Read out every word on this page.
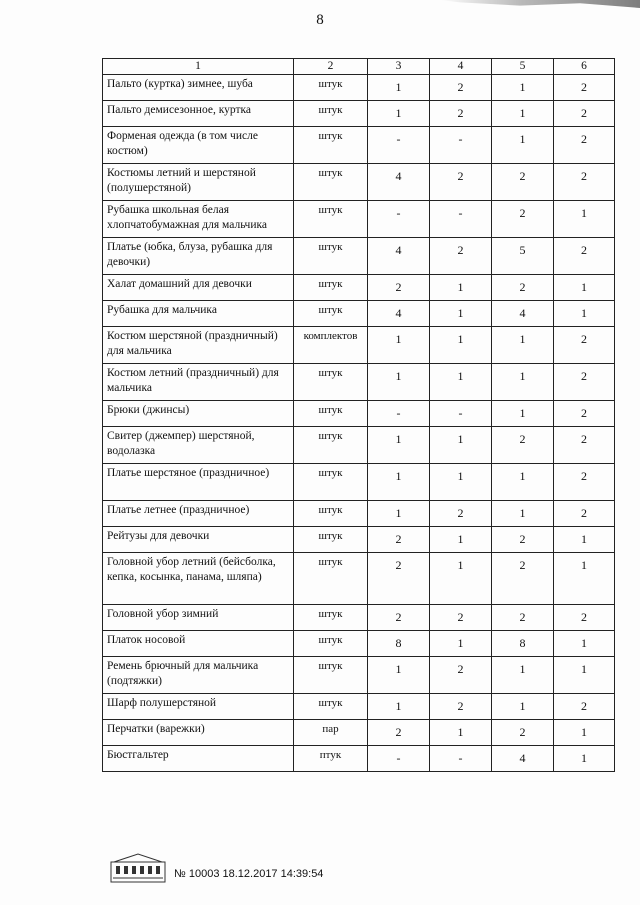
8
1	2	3	4	5	6
Пальто (куртка) зимнее, шуба	штук	1	2	1	2
Пальто демисезонное, куртка	штук	1	2	1	2
Форменая одежда (в том числе костюм)	штук	-	-	1	2
Костюмы летний и шерстяной (полушерстяной)	штук	4	2	2	2
Рубашка школьная белая хлопчатобумажная для мальчика	штук	-	-	2	1
Платье (юбка, блуза, рубашка для девочки)	штук	4	2	5	2
Халат домашний для девочки	штук	2	1	2	1
Рубашка для мальчика	штук	4	1	4	1
Костюм шерстяной (праздничный) для мальчика	комплектов	1	1	1	2
Костюм летний (праздничный) для мальчика	штук	1	1	1	2
Брюки (джинсы)	штук	-	-	1	2
Свитер (джемпер) шерстяной, водолазка	штук	1	1	2	2
Платье шерстяное (праздничное)	штук	1	1	1	2
Платье летнее (праздничное)	штук	1	2	1	2
Рейтузы для девочки	штук	2	1	2	1
Головной убор летний (бейсболка, кепка, косынка, панама, шляпа)	штук	2	1	2	1
Головной убор зимний	штук	2	2	2	2
Платок носовой	штук	8	1	8	1
Ремень брючный для мальчика (подтяжки)	штук	1	2	1	1
Шарф полушерстяной	штук	1	2	1	2
Перчатки (варежки)	пар	2	1	2	1
Бюстгальтер	птук	-	-	4	1
№ 10003 18.12.2017 14:39:54
